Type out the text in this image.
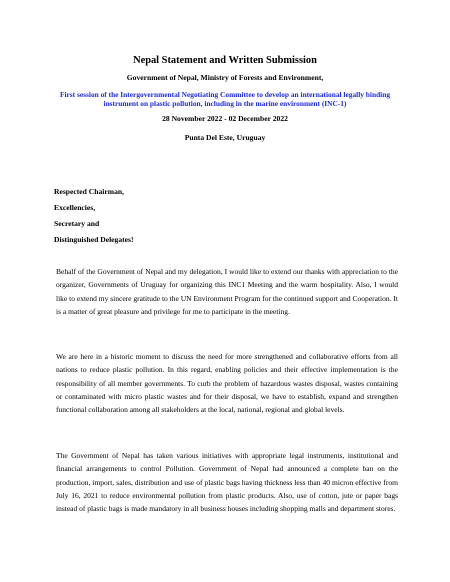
Nepal Statement and Written Submission
Government of Nepal, Ministry of Forests and Environment,
First session of the Intergovernmental Negotiating Committee to develop an international legally binding instrument on plastic pollution, including in the marine environment (INC-1)
28 November 2022 - 02 December 2022
Punta Del Este, Uruguay
Respected Chairman,
Excellencies,
Secretary and
Distinguished Delegates!

Behalf of the Government of Nepal and my delegation, I would like to extend our thanks with appreciation to the organizer, Governments of Uruguay for organizing this INC1 Meeting and the warm hospitality. Also, I would like to extend my sincere gratitude to the UN Environment Program for the continued support and Cooperation. It is a matter of great pleasure and privilege for me to participate in the meeting.

We are here in a historic moment to discuss the need for more strengthened and collaborative efforts from all nations to reduce plastic pollution. In this regard, enabling policies and their effective implementation is the responsibility of all member governments. To curb the problem of hazardous wastes disposal, wastes containing or contaminated with micro plastic wastes and for their disposal, we have to establish, expand and strengthen functional collaboration among all stakeholders at the local, national, regional and global levels.

The Government of Nepal has taken various initiatives with appropriate legal instruments, institutional and financial arrangements to control Pollution. Government of Nepal had announced a complete ban on the production, import, sales, distribution and use of plastic bags having thickness less than 40 micron effective from July 16, 2021 to reduce environmental pollution from plastic products. Also, use of cotton, jute or paper bags instead of plastic bags is made mandatory in all business houses including shopping malls and department stores.
